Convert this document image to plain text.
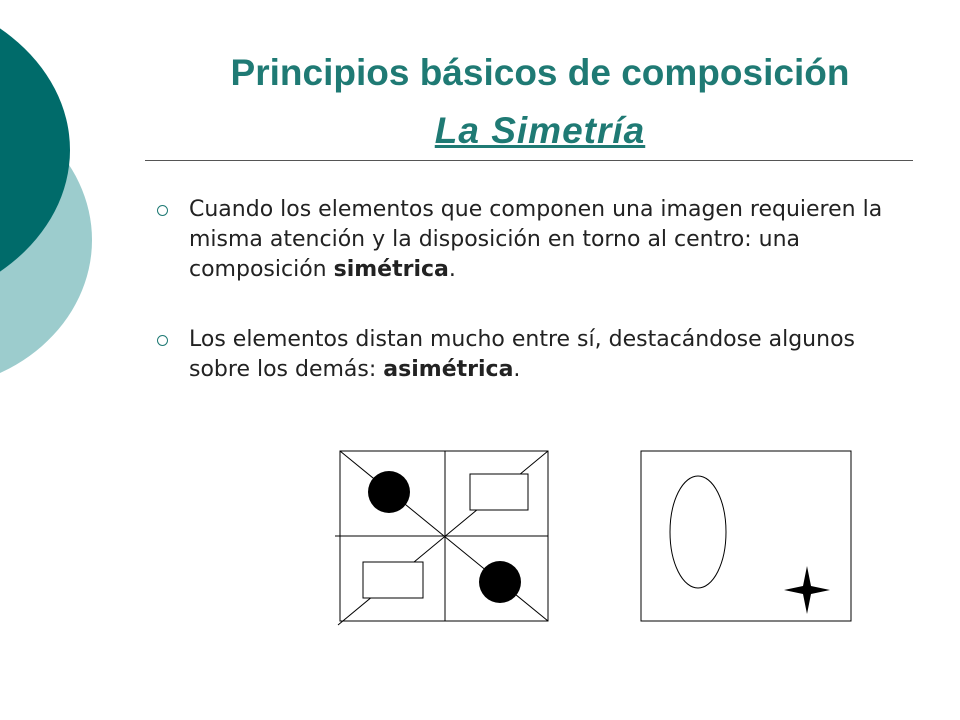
Principios básicos de composición
La Simetría
Cuando los elementos que componen una imagen requieren la misma atención y la disposición en torno al centro: una composición simétrica.
Los elementos distan mucho entre sí, destacándose algunos sobre los demás: asimétrica.
